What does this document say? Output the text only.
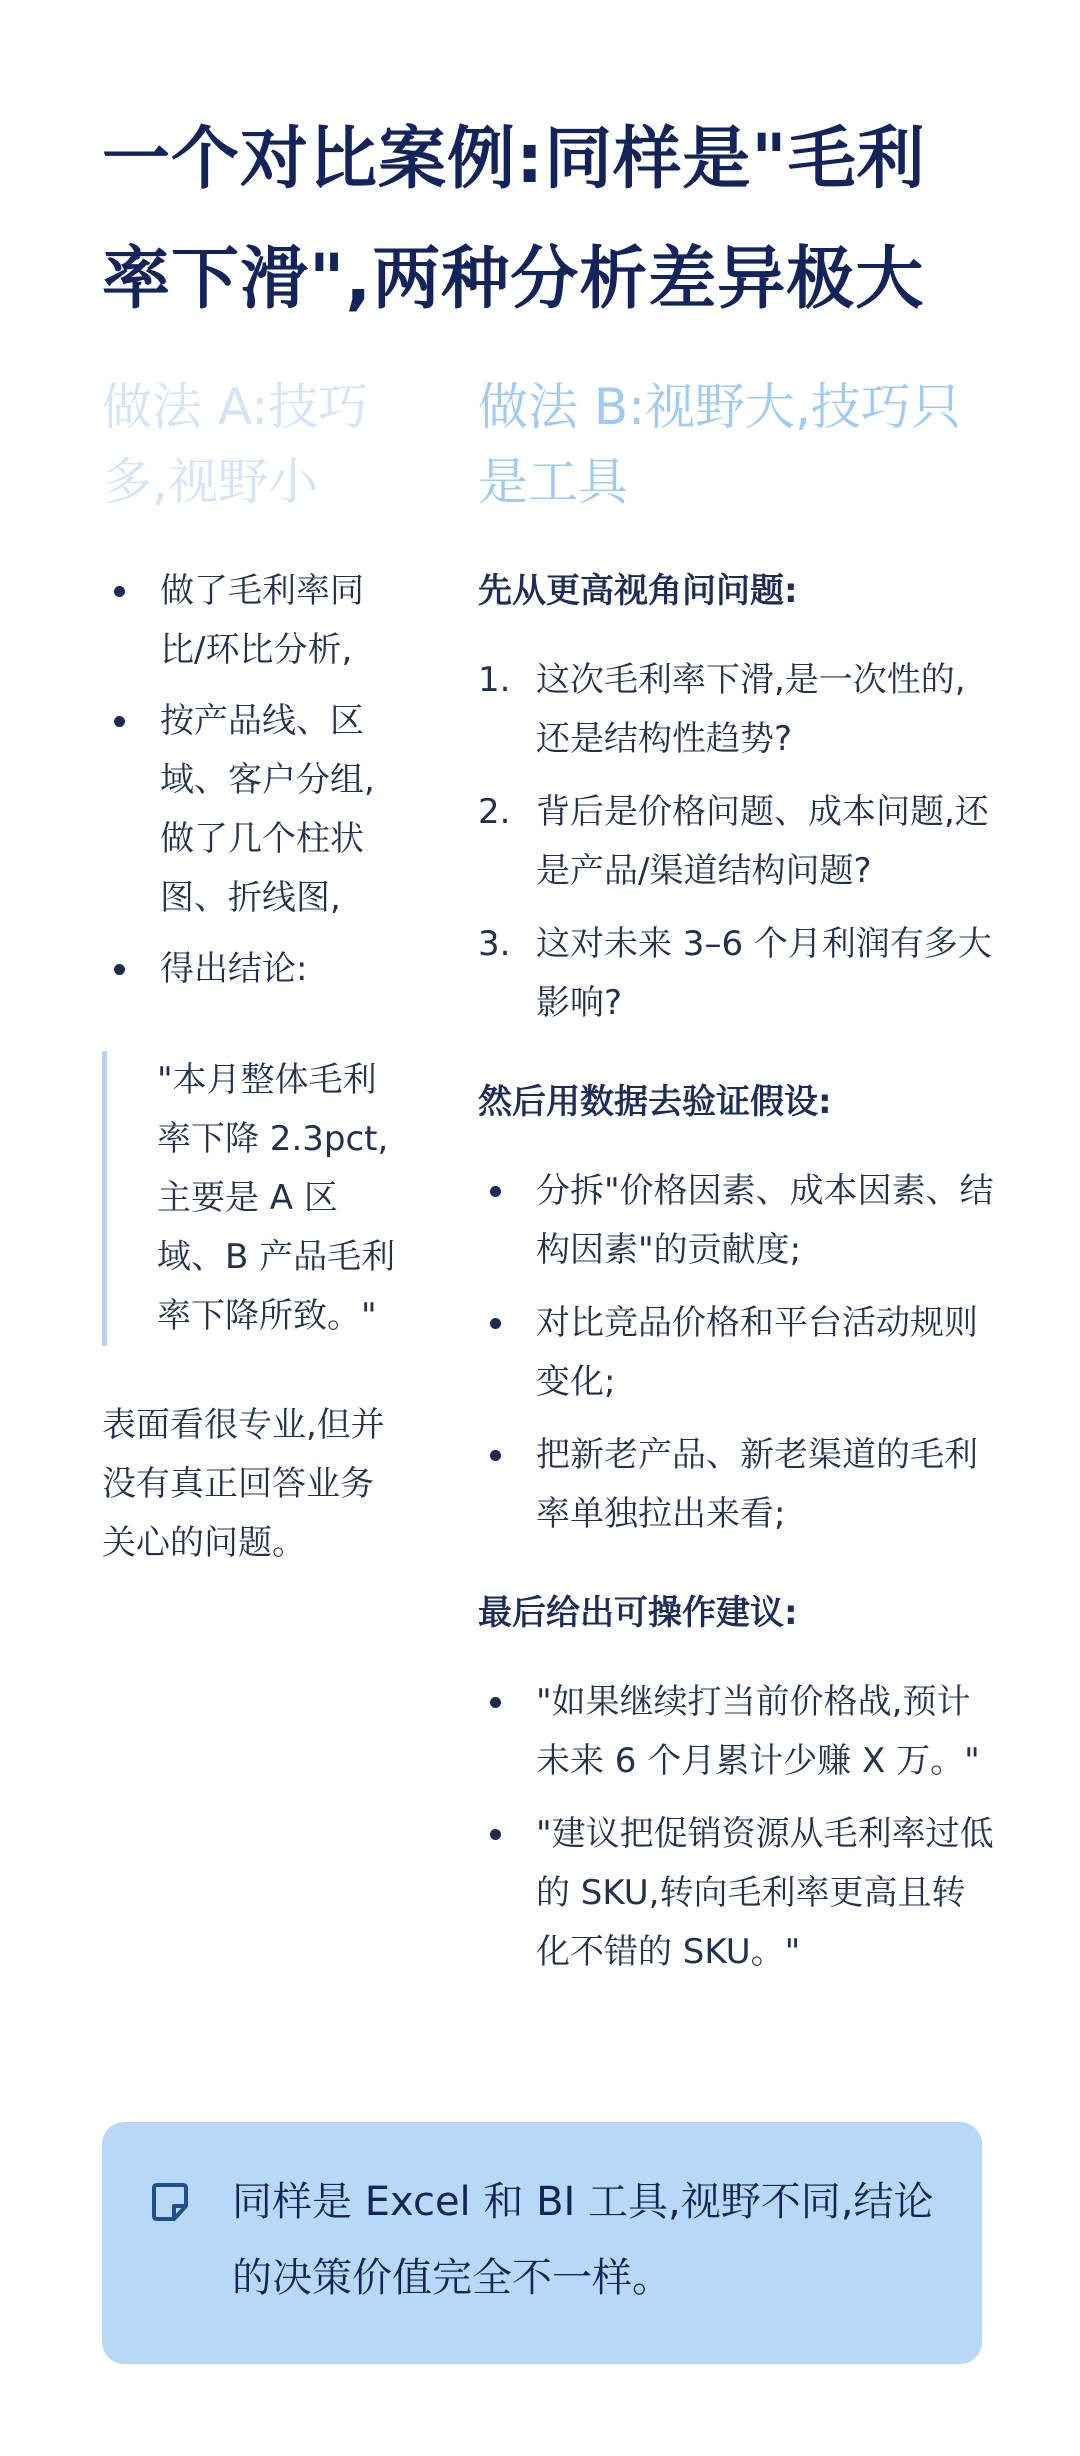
一个对比案例:同样是"毛利率下滑",两种分析差异极大
做法 A:技巧多,视野小
做了毛利率同比/环比分析,
按产品线、区域、客户分组,做了几个柱状图、折线图,
得出结论:
"本月整体毛利率下降 2.3pct,主要是 A 区域、B 产品毛利率下降所致。"

表面看很专业,但并没有真正回答业务关心的问题。

做法 B:视野大,技巧只是工具

先从更高视角问问题:

1. 这次毛利率下滑,是一次性的,还是结构性趋势?
2. 背后是价格问题、成本问题,还是产品/渠道结构问题?
3. 这对未来 3–6 个月利润有多大影响?

然后用数据去验证假设:

分拆"价格因素、成本因素、结构因素"的贡献度;
对比竞品价格和平台活动规则变化;
把新老产品、新老渠道的毛利率单独拉出来看;

最后给出可操作建议:

"如果继续打当前价格战,预计未来 6 个月累计少赚 X 万。"
"建议把促销资源从毛利率过低的 SKU,转向毛利率更高且转化不错的 SKU。"

同样是 Excel 和 BI 工具,视野不同,结论的决策价值完全不一样。
